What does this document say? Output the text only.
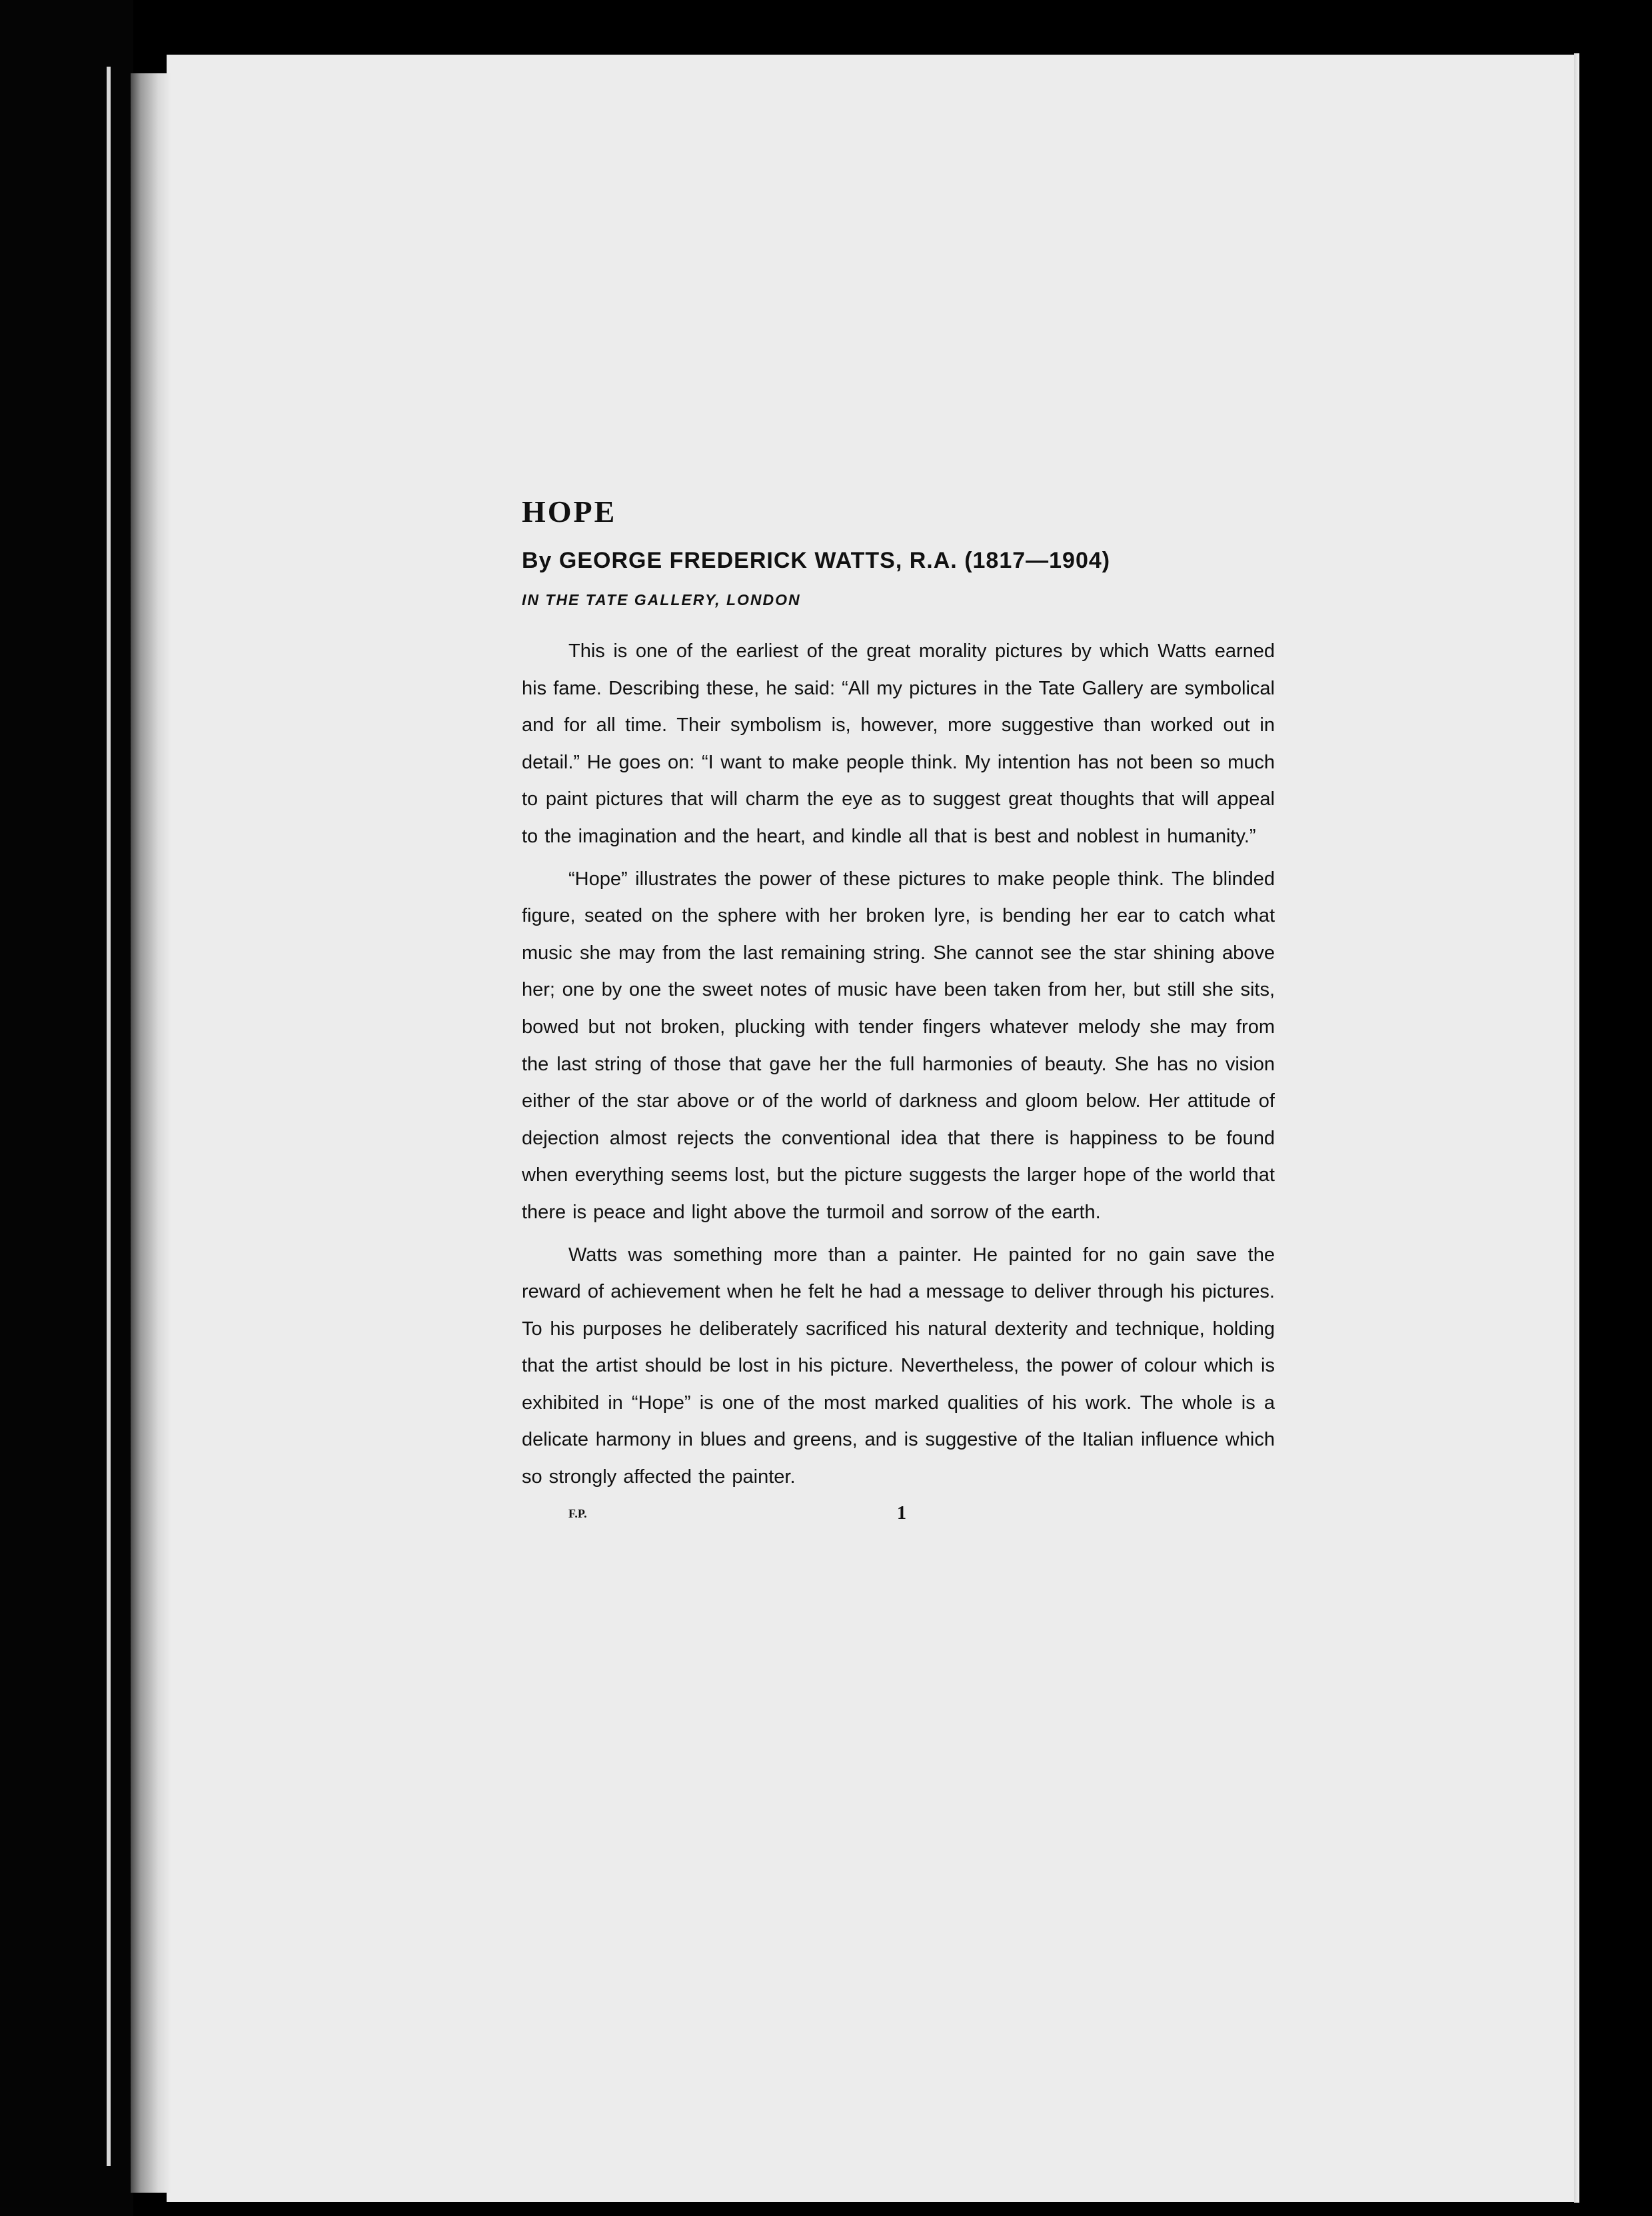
HOPE
By GEORGE FREDERICK WATTS, R.A. (1817—1904)
IN THE TATE GALLERY, LONDON

This is one of the earliest of the great morality pictures by which Watts earned his fame. Describing these, he said: “All my pictures in the Tate Gallery are symbolical and for all time. Their symbolism is, however, more suggestive than worked out in detail.” He goes on: “I want to make people think. My intention has not been so much to paint pictures that will charm the eye as to suggest great thoughts that will appeal to the imagination and the heart, and kindle all that is best and noblest in humanity.”

“Hope” illustrates the power of these pictures to make people think. The blinded figure, seated on the sphere with her broken lyre, is bending her ear to catch what music she may from the last remaining string. She cannot see the star shining above her; one by one the sweet notes of music have been taken from her, but still she sits, bowed but not broken, plucking with tender fingers whatever melody she may from the last string of those that gave her the full harmonies of beauty. She has no vision either of the star above or of the world of darkness and gloom below. Her attitude of dejection almost rejects the conventional idea that there is happiness to be found when everything seems lost, but the picture suggests the larger hope of the world that there is peace and light above the turmoil and sorrow of the earth.

Watts was something more than a painter. He painted for no gain save the reward of achievement when he felt he had a message to deliver through his pictures. To his purposes he deliberately sacrificed his natural dexterity and technique, holding that the artist should be lost in his picture. Nevertheless, the power of colour which is exhibited in “Hope” is one of the most marked qualities of his work. The whole is a delicate harmony in blues and greens, and is suggestive of the Italian influence which so strongly affected the painter.

F.P.	1
